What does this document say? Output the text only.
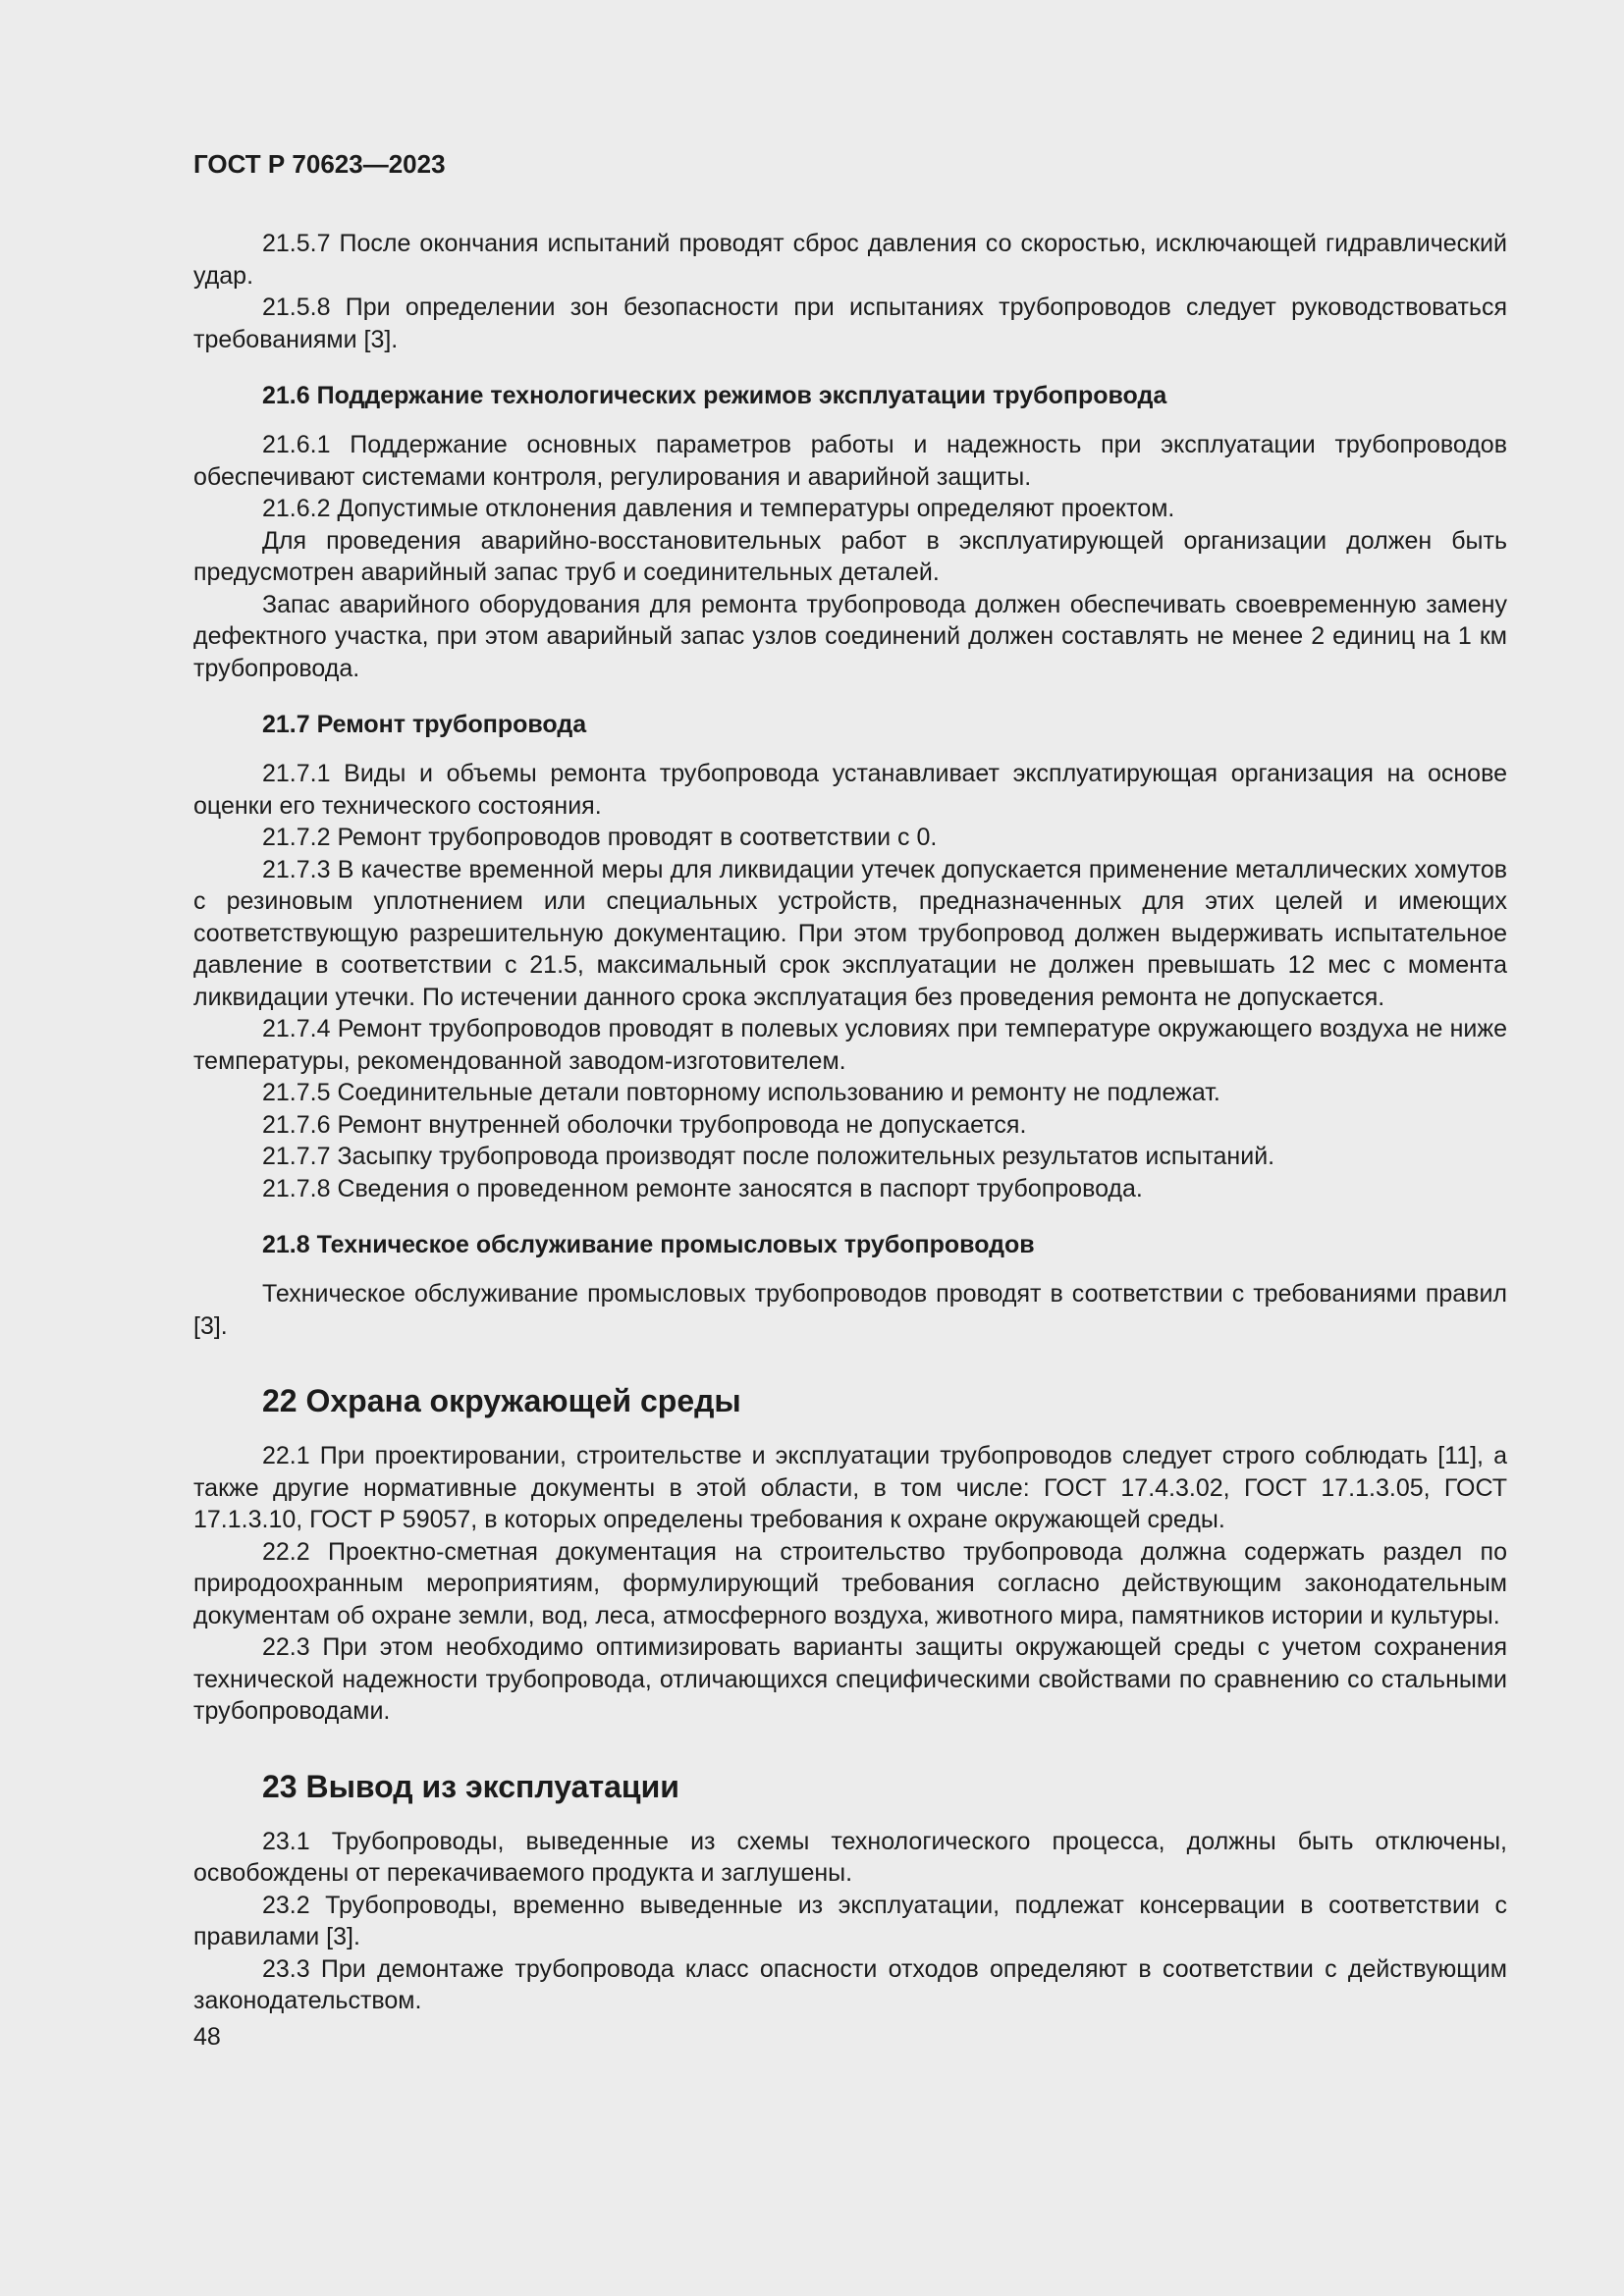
ГОСТ Р 70623—2023

21.5.7 После окончания испытаний проводят сброс давления со скоростью, исключающей гидравлический удар.

21.5.8 При определении зон безопасности при испытаниях трубопроводов следует руководствоваться требованиями [3].

21.6 Поддержание технологических режимов эксплуатации трубопровода

21.6.1 Поддержание основных параметров работы и надежность при эксплуатации трубопроводов обеспечивают системами контроля, регулирования и аварийной защиты.

21.6.2 Допустимые отклонения давления и температуры определяют проектом.

Для проведения аварийно-восстановительных работ в эксплуатирующей организации должен быть предусмотрен аварийный запас труб и соединительных деталей.

Запас аварийного оборудования для ремонта трубопровода должен обеспечивать своевременную замену дефектного участка, при этом аварийный запас узлов соединений должен составлять не менее 2 единиц на 1 км трубопровода.

21.7 Ремонт трубопровода

21.7.1 Виды и объемы ремонта трубопровода устанавливает эксплуатирующая организация на основе оценки его технического состояния.

21.7.2 Ремонт трубопроводов проводят в соответствии с 0.

21.7.3 В качестве временной меры для ликвидации утечек допускается применение металлических хомутов с резиновым уплотнением или специальных устройств, предназначенных для этих целей и имеющих соответствующую разрешительную документацию. При этом трубопровод должен выдерживать испытательное давление в соответствии с 21.5, максимальный срок эксплуатации не должен превышать 12 мес с момента ликвидации утечки. По истечении данного срока эксплуатация без проведения ремонта не допускается.

21.7.4 Ремонт трубопроводов проводят в полевых условиях при температуре окружающего воздуха не ниже температуры, рекомендованной заводом-изготовителем.

21.7.5 Соединительные детали повторному использованию и ремонту не подлежат.

21.7.6 Ремонт внутренней оболочки трубопровода не допускается.

21.7.7 Засыпку трубопровода производят после положительных результатов испытаний.

21.7.8 Сведения о проведенном ремонте заносятся в паспорт трубопровода.

21.8 Техническое обслуживание промысловых трубопроводов

Техническое обслуживание промысловых трубопроводов проводят в соответствии с требованиями правил [3].

22 Охрана окружающей среды

22.1 При проектировании, строительстве и эксплуатации трубопроводов следует строго соблюдать [11], а также другие нормативные документы в этой области, в том числе: ГОСТ 17.4.3.02, ГОСТ 17.1.3.05, ГОСТ 17.1.3.10, ГОСТ Р 59057, в которых определены требования к охране окружающей среды.

22.2 Проектно-сметная документация на строительство трубопровода должна содержать раздел по природоохранным мероприятиям, формулирующий требования согласно действующим законодательным документам об охране земли, вод, леса, атмосферного воздуха, животного мира, памятников истории и культуры.

22.3 При этом необходимо оптимизировать варианты защиты окружающей среды с учетом сохранения технической надежности трубопровода, отличающихся специфическими свойствами по сравнению со стальными трубопроводами.

23 Вывод из эксплуатации

23.1 Трубопроводы, выведенные из схемы технологического процесса, должны быть отключены, освобождены от перекачиваемого продукта и заглушены.

23.2 Трубопроводы, временно выведенные из эксплуатации, подлежат консервации в соответствии с правилами [3].

23.3 При демонтаже трубопровода класс опасности отходов определяют в соответствии с действующим законодательством.

48
